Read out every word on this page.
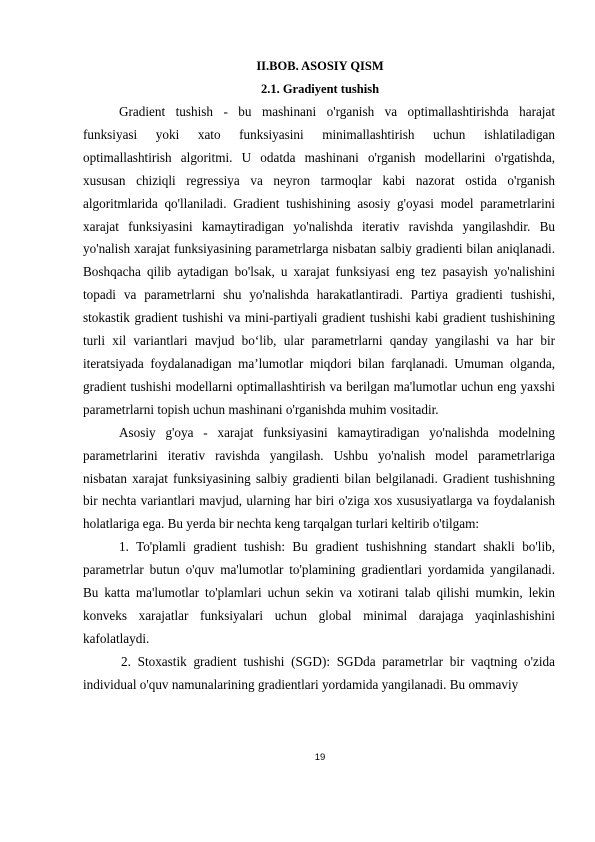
II.BOB. ASOSIY QISM
2.1. Gradiyent tushish

Gradient tushish - bu mashinani o'rganish va optimallashtirishda harajat funksiyasi yoki xato funksiyasini minimallashtirish uchun ishlatiladigan optimallashtirish algoritmi. U odatda mashinani o'rganish modellarini o'rgatishda, xususan chiziqli regressiya va neyron tarmoqlar kabi nazorat ostida o'rganish algoritmlarida qo'llaniladi. Gradient tushishining asosiy g'oyasi model parametrlarini xarajat funksiyasini kamaytiradigan yo'nalishda iterativ ravishda yangilashdir. Bu yo'nalish xarajat funksiyasining parametrlarga nisbatan salbiy gradienti bilan aniqlanadi. Boshqacha qilib aytadigan bo'lsak, u xarajat funksiyasi eng tez pasayish yo'nalishini topadi va parametrlarni shu yo'nalishda harakatlantiradi. Partiya gradienti tushishi, stokastik gradient tushishi va mini-partiyali gradient tushishi kabi gradient tushishining turli xil variantlari mavjud bo‘lib, ular parametrlarni qanday yangilashi va har bir iteratsiyada foydalanadigan ma’lumotlar miqdori bilan farqlanadi. Umuman olganda, gradient tushishi modellarni optimallashtirish va berilgan ma'lumotlar uchun eng yaxshi parametrlarni topish uchun mashinani o'rganishda muhim vositadir.

Asosiy g'oya - xarajat funksiyasini kamaytiradigan yo'nalishda modelning parametrlarini iterativ ravishda yangilash. Ushbu yo'nalish model parametrlariga nisbatan xarajat funksiyasining salbiy gradienti bilan belgilanadi. Gradient tushishning bir nechta variantlari mavjud, ularning har biri o'ziga xos xususiyatlarga va foydalanish holatlariga ega. Bu yerda bir nechta keng tarqalgan turlari keltirib o'tilgam:

1. To'plamli gradient tushish: Bu gradient tushishning standart shakli bo'lib, parametrlar butun o'quv ma'lumotlar to'plamining gradientlari yordamida yangilanadi. Bu katta ma'lumotlar to'plamlari uchun sekin va xotirani talab qilishi mumkin, lekin konveks xarajatlar funksiyalari uchun global minimal darajaga yaqinlashishini kafolatlaydi.

2. Stoxastik gradient tushishi (SGD): SGDda parametrlar bir vaqtning o'zida individual o'quv namunalarining gradientlari yordamida yangilanadi. Bu ommaviy

19
